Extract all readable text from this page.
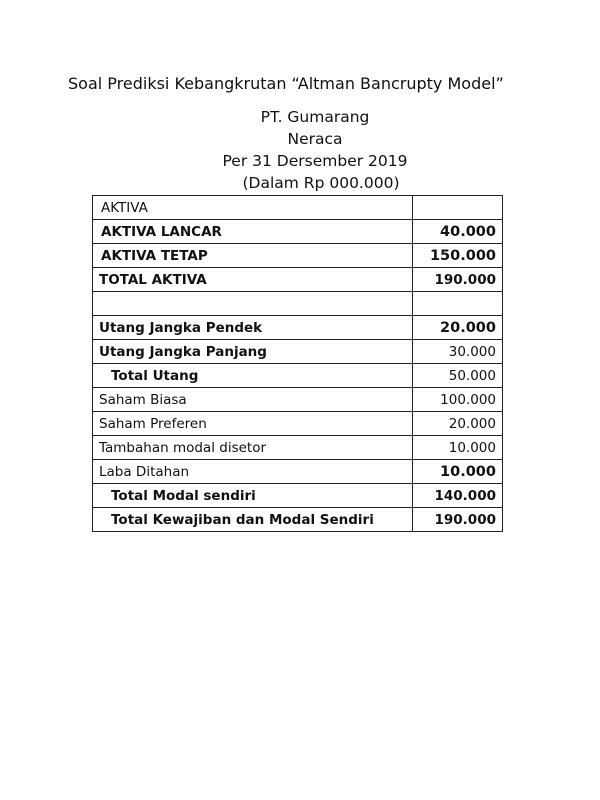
Soal Prediksi Kebangkrutan “Altman Bancrupty Model”
PT. Gumarang
Neraca
Per 31 Dersember 2019
(Dalam Rp 000.000)
AKTIVA	
AKTIVA LANCAR	40.000
AKTIVA TETAP	150.000
TOTAL AKTIVA	190.000

Utang Jangka Pendek	20.000
Utang Jangka Panjang	30.000
Total Utang	50.000
Saham Biasa	100.000
Saham Preferen	20.000
Tambahan modal disetor	10.000
Laba Ditahan	10.000
Total Modal sendiri	140.000
Total Kewajiban dan Modal Sendiri	190.000
